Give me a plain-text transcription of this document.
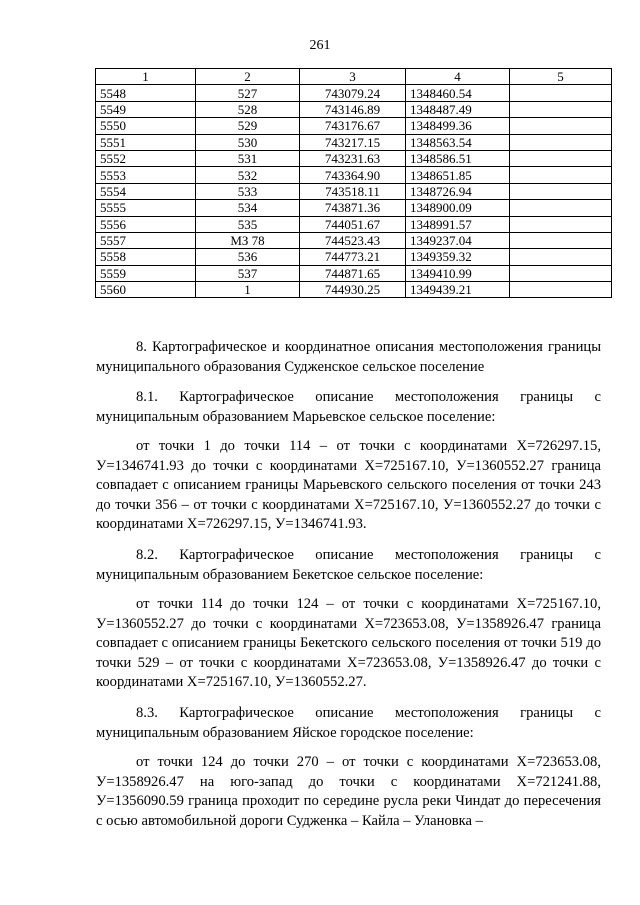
261
1	2	3	4	5
5548	527	743079.24	1348460.54	
5549	528	743146.89	1348487.49	
5550	529	743176.67	1348499.36	
5551	530	743217.15	1348563.54	
5552	531	743231.63	1348586.51	
5553	532	743364.90	1348651.85	
5554	533	743518.11	1348726.94	
5555	534	743871.36	1348900.09	
5556	535	744051.67	1348991.57	
5557	МЗ 78	744523.43	1349237.04	
5558	536	744773.21	1349359.32	
5559	537	744871.65	1349410.99	
5560	1	744930.25	1349439.21	

8. Картографическое и координатное описания местоположения границы муниципального образования Судженское сельское поселение

8.1. Картографическое описание местоположения границы с муниципальным образованием Марьевское сельское поселение:

от точки 1 до точки 114 – от точки с координатами Х=726297.15, У=1346741.93 до точки с координатами Х=725167.10, У=1360552.27 граница совпадает с описанием границы Марьевского сельского поселения от точки 243 до точки 356 – от точки с координатами Х=725167.10, У=1360552.27 до точки с координатами Х=726297.15, У=1346741.93.

8.2. Картографическое описание местоположения границы с муниципальным образованием Бекетское сельское поселение:

от точки 114 до точки 124 – от точки с координатами Х=725167.10, У=1360552.27 до точки с координатами Х=723653.08, У=1358926.47 граница совпадает с описанием границы Бекетского сельского поселения от точки 519 до точки 529 – от точки с координатами Х=723653.08, У=1358926.47 до точки с координатами Х=725167.10, У=1360552.27.

8.3. Картографическое описание местоположения границы с муниципальным образованием Яйское городское поселение:

от точки 124 до точки 270 – от точки с координатами Х=723653.08, У=1358926.47 на юго-запад до точки с координатами Х=721241.88, У=1356090.59 граница проходит по середине русла реки Чиндат до пересечения с осью автомобильной дороги Судженка – Кайла – Улановка –
